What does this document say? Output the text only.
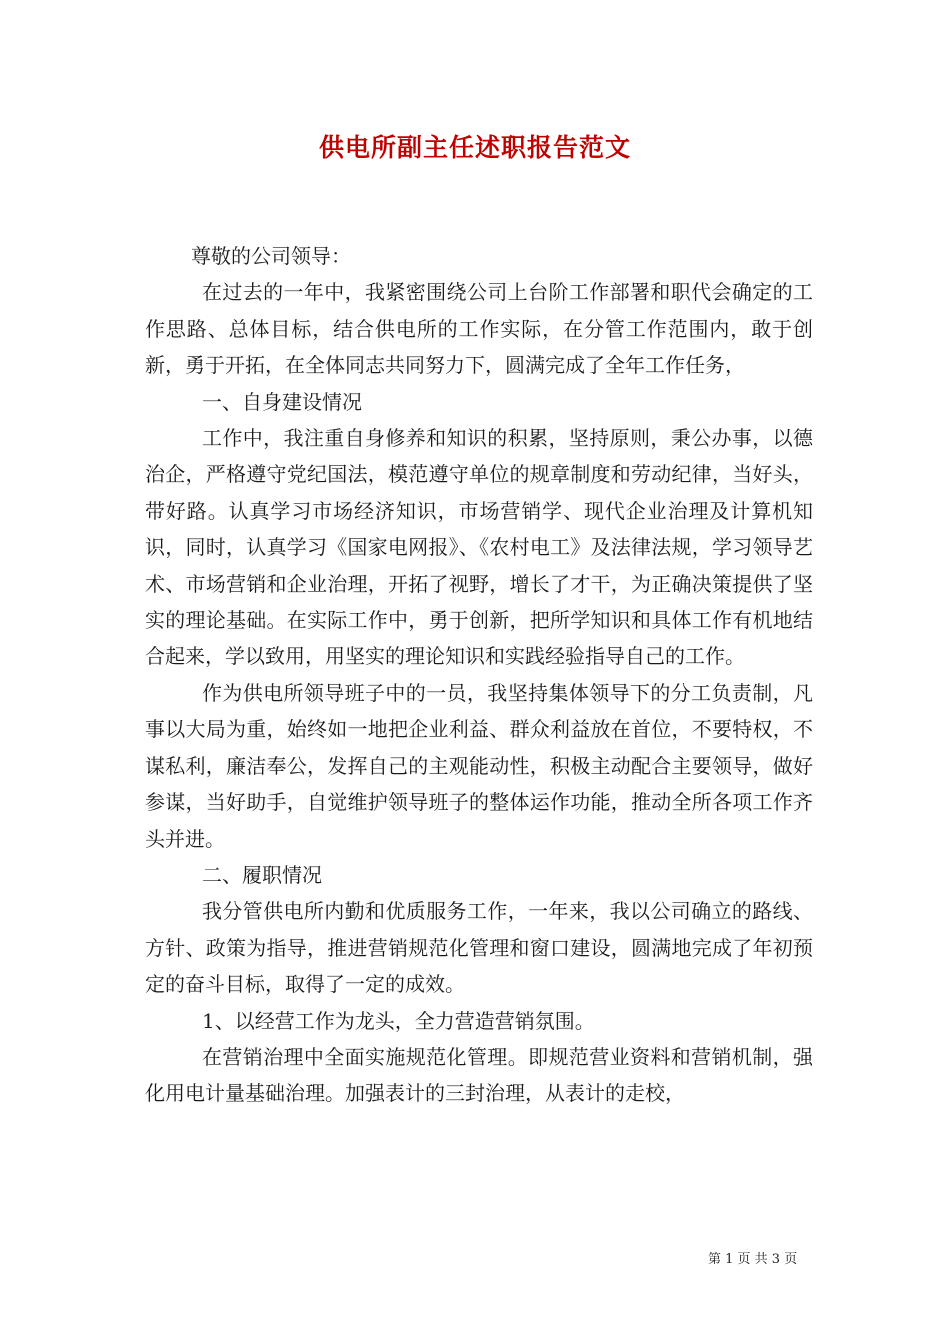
供电所副主任述职报告范文

尊敬的公司领导：

在过去的一年中，我紧密围绕公司上台阶工作部署和职代会确定的工作思路、总体目标，结合供电所的工作实际，在分管工作范围内，敢于创新，勇于开拓，在全体同志共同努力下，圆满完成了全年工作任务，

一、自身建设情况

工作中，我注重自身修养和知识的积累，坚持原则，秉公办事，以德治企，严格遵守党纪国法，模范遵守单位的规章制度和劳动纪律，当好头，带好路。认真学习市场经济知识，市场营销学、现代企业治理及计算机知识，同时，认真学习《国家电网报》、《农村电工》及法律法规，学习领导艺术、市场营销和企业治理，开拓了视野，增长了才干，为正确决策提供了坚实的理论基础。在实际工作中，勇于创新，把所学知识和具体工作有机地结合起来，学以致用，用坚实的理论知识和实践经验指导自己的工作。

作为供电所领导班子中的一员，我坚持集体领导下的分工负责制，凡事以大局为重，始终如一地把企业利益、群众利益放在首位，不要特权，不谋私利，廉洁奉公，发挥自己的主观能动性，积极主动配合主要领导，做好参谋，当好助手，自觉维护领导班子的整体运作功能，推动全所各项工作齐头并进。

二、履职情况

我分管供电所内勤和优质服务工作，一年来，我以公司确立的路线、方针、政策为指导，推进营销规范化管理和窗口建设，圆满地完成了年初预定的奋斗目标，取得了一定的成效。

1、以经营工作为龙头，全力营造营销氛围。

在营销治理中全面实施规范化管理。即规范营业资料和营销机制，强化用电计量基础治理。加强表计的三封治理，从表计的走校，

第 1 页 共 3 页
